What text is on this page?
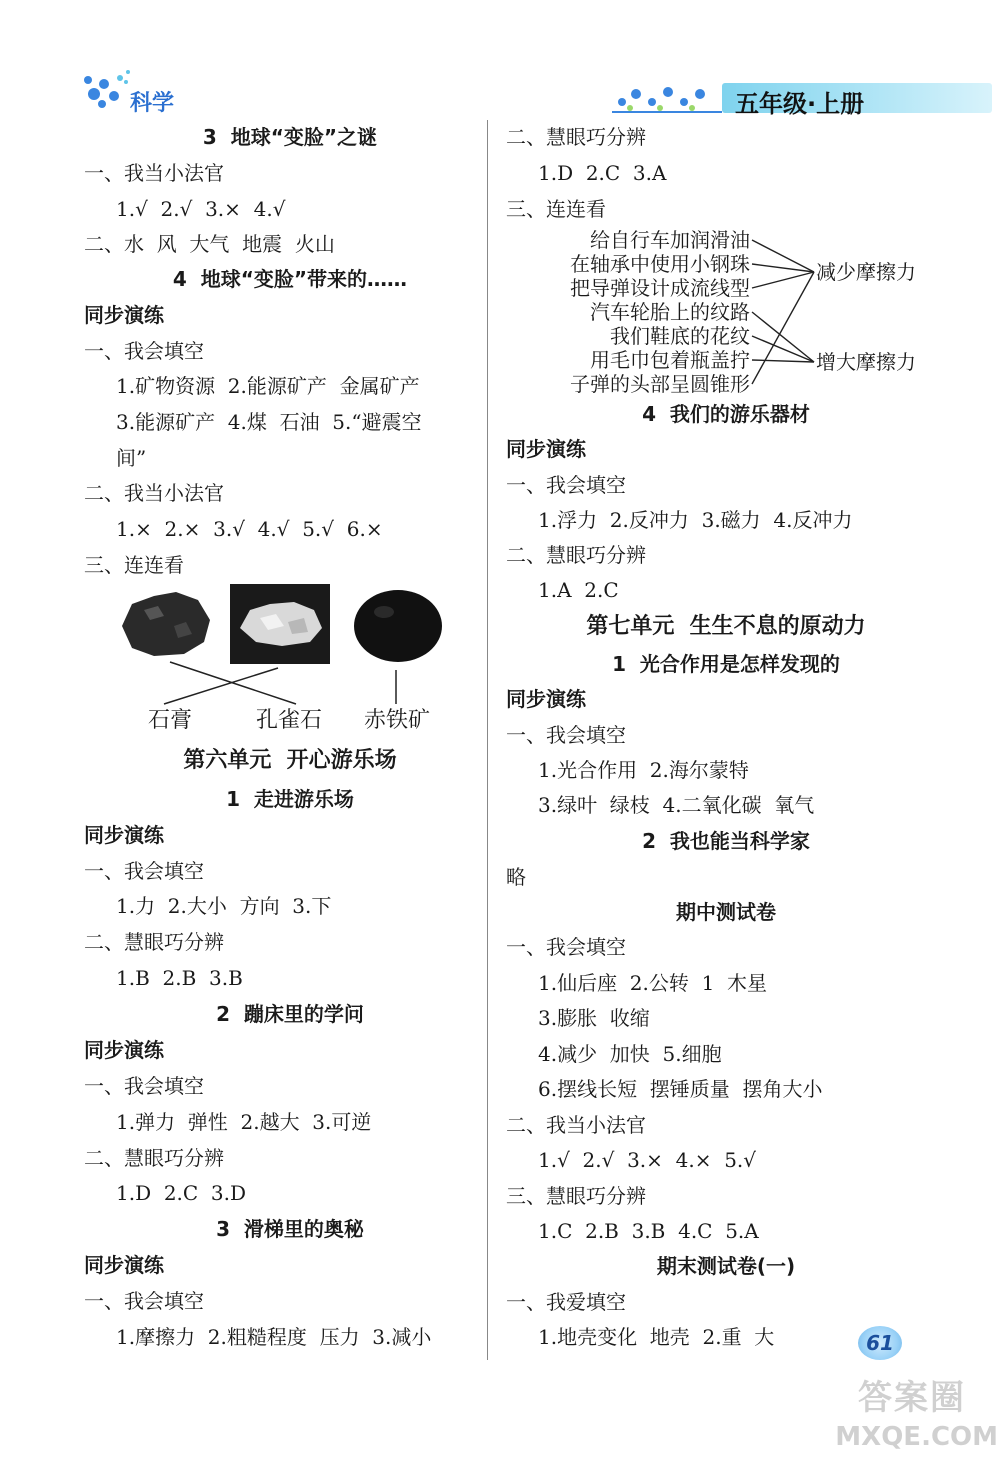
科学	五年级·上册
3  地球“变脸”之谜
一、我当小法官
1.√  2.√  3.×  4.√
二、水  风  大气  地震  火山
4  地球“变脸”带来的……
同步演练
一、我会填空
1.矿物资源  2.能源矿产  金属矿产
3.能源矿产  4.煤  石油  5.“避震空
间”
二、我当小法官
1.×  2.×  3.√  4.√  5.√  6.×
三、连连看
石膏	孔雀石 赤铁矿
第六单元  开心游乐场
1  走进游乐场
同步演练
一、我会填空
1.力  2.大小  方向  3.下
二、慧眼巧分辨
1.B  2.B  3.B
2  蹦床里的学问
同步演练
一、我会填空
1.弹力  弹性  2.越大  3.可逆
二、慧眼巧分辨
1.D  2.C  3.D
3  滑梯里的奥秘
同步演练
一、我会填空
1.摩擦力  2.粗糙程度  压力  3.减小
二、慧眼巧分辨
1.D  2.C  3.A
三、连连看
给自行车加润滑油
在轴承中使用小钢珠
把导弹设计成流线型
汽车轮胎上的纹路
我们鞋底的花纹
用毛巾包着瓶盖拧
子弹的头部呈圆锥形
减少摩擦力
增大摩擦力
4  我们的游乐器材
同步演练
一、我会填空
1.浮力  2.反冲力  3.磁力  4.反冲力
二、慧眼巧分辨
1.A  2.C
第七单元  生生不息的原动力
1  光合作用是怎样发现的
同步演练
一、我会填空
1.光合作用  2.海尔蒙特
3.绿叶  绿枝  4.二氧化碳  氧气
2  我也能当科学家
略
期中测试卷
一、我会填空
1.仙后座  2.公转  1  木星
3.膨胀  收缩
4.减少  加快  5.细胞
6.摆线长短  摆锤质量  摆角大小
二、我当小法官
1.√  2.√  3.×  4.×  5.√
三、慧眼巧分辨
1.C  2.B  3.B  4.C  5.A
期末测试卷(一)
一、我爱填空
1.地壳变化  地壳  2.重  大	61
答案圈
MXQE.COM
